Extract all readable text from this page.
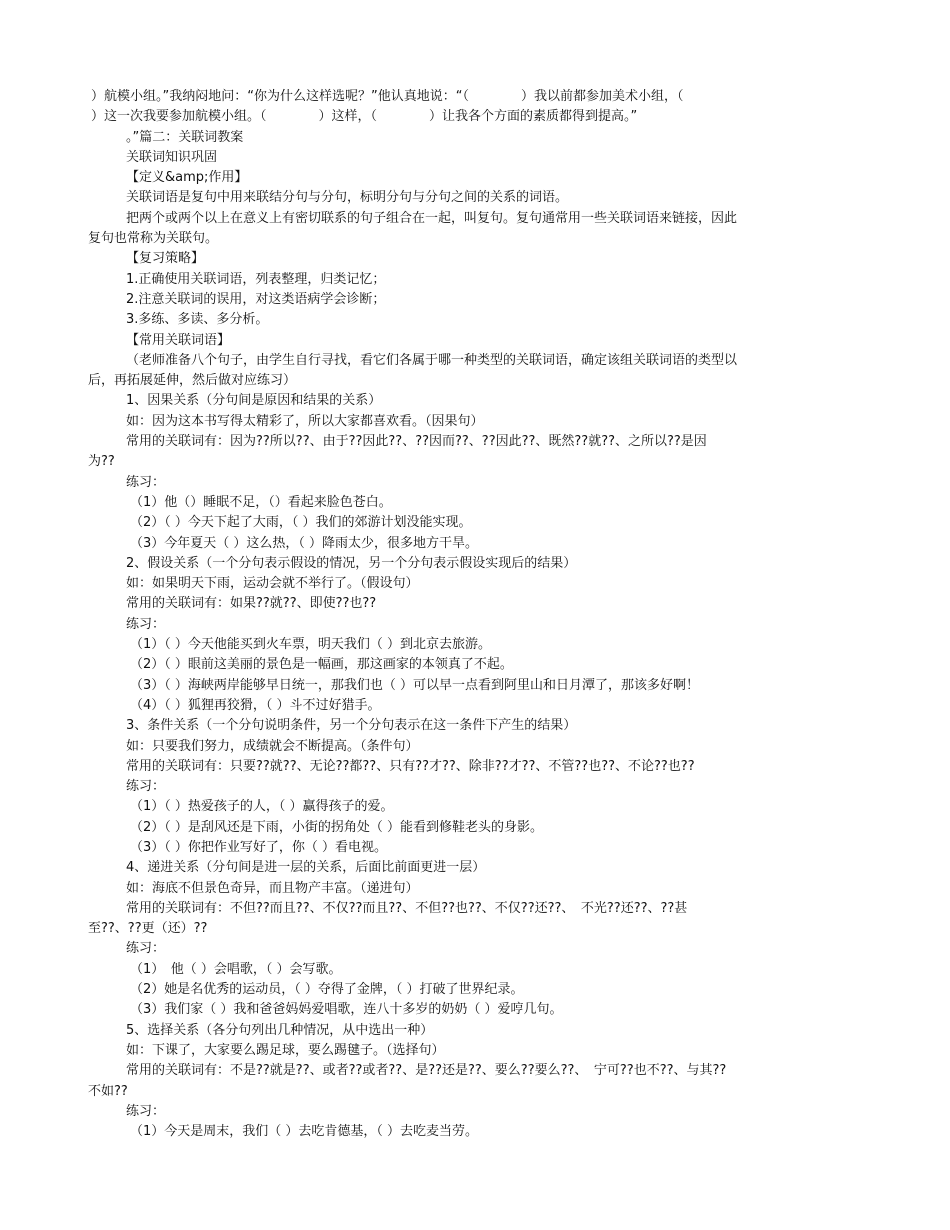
）航模小组。”我纳闷地问：“你为什么这样选呢？”他认真地说：“（　　　　）我以前都参加美术小组，（
）这一次我要参加航模小组。（　　　　）这样，（　　　　）让我各个方面的素质都得到提高。”
。”篇二：关联词教案
关联词知识巩固
【定义&amp;作用】
关联词语是复句中用来联结分句与分句，标明分句与分句之间的关系的词语。
把两个或两个以上在意义上有密切联系的句子组合在一起，叫复句。复句通常用一些关联词语来链接，因此
复句也常称为关联句。
【复习策略】
1.正确使用关联词语，列表整理，归类记忆；
2.注意关联词的误用，对这类语病学会诊断；
3.多练、多读、多分析。
【常用关联词语】
（老师准备八个句子，由学生自行寻找，看它们各属于哪一种类型的关联词语，确定该组关联词语的类型以
后，再拓展延伸，然后做对应练习）
1、因果关系（分句间是原因和结果的关系）
如：因为这本书写得太精彩了，所以大家都喜欢看。（因果句）
常用的关联词有：因为??所以??、由于??因此??、??因而??、??因此??、既然??就??、之所以??是因
为??
练习：
（1）他（）睡眠不足，（）看起来脸色苍白。
（2）（ ）今天下起了大雨，（ ）我们的郊游计划没能实现。
（3）今年夏天（ ）这么热，（ ）降雨太少，很多地方干旱。
2、假设关系（一个分句表示假设的情况，另一个分句表示假设实现后的结果）
如：如果明天下雨，运动会就不举行了。（假设句）
常用的关联词有：如果??就??、即使??也??
练习：
（1）（ ）今天他能买到火车票，明天我们（ ）到北京去旅游。
（2）（ ）眼前这美丽的景色是一幅画，那这画家的本领真了不起。
（3）（ ）海峡两岸能够早日统一，那我们也（ ）可以早一点看到阿里山和日月潭了，那该多好啊！
（4）（ ）狐狸再狡猾，（ ）斗不过好猎手。
3、条件关系（一个分句说明条件，另一个分句表示在这一条件下产生的结果）
如：只要我们努力，成绩就会不断提高。（条件句）
常用的关联词有：只要??就??、无论??都??、只有??才??、除非??才??、不管??也??、不论??也??
练习：
（1）（ ）热爱孩子的人，（ ）赢得孩子的爱。
（2）（ ）是刮风还是下雨，小街的拐角处（ ）能看到修鞋老头的身影。
（3）（ ）你把作业写好了，你（ ）看电视。
4、递进关系（分句间是进一层的关系，后面比前面更进一层）
如：海底不但景色奇异，而且物产丰富。（递进句）
常用的关联词有：不但??而且??、不仅??而且??、不但??也??、不仅??还??、　不光??还??、??甚
至??、??更（还）??
练习：
（1）　他（ ）会唱歌，（ ）会写歌。
（2）她是名优秀的运动员，（ ）夺得了金牌，（ ）打破了世界纪录。
（3）我们家（ ）我和爸爸妈妈爱唱歌，连八十多岁的奶奶（ ）爱哼几句。
5、选择关系（各分句列出几种情况，从中选出一种）
如：下课了，大家要么踢足球，要么踢毽子。（选择句）
常用的关联词有：不是??就是??、或者??或者??、是??还是??、要么??要么??、　宁可??也不??、与其??
不如??
练习：
（1）今天是周末，我们（ ）去吃肯德基，（ ）去吃麦当劳。
